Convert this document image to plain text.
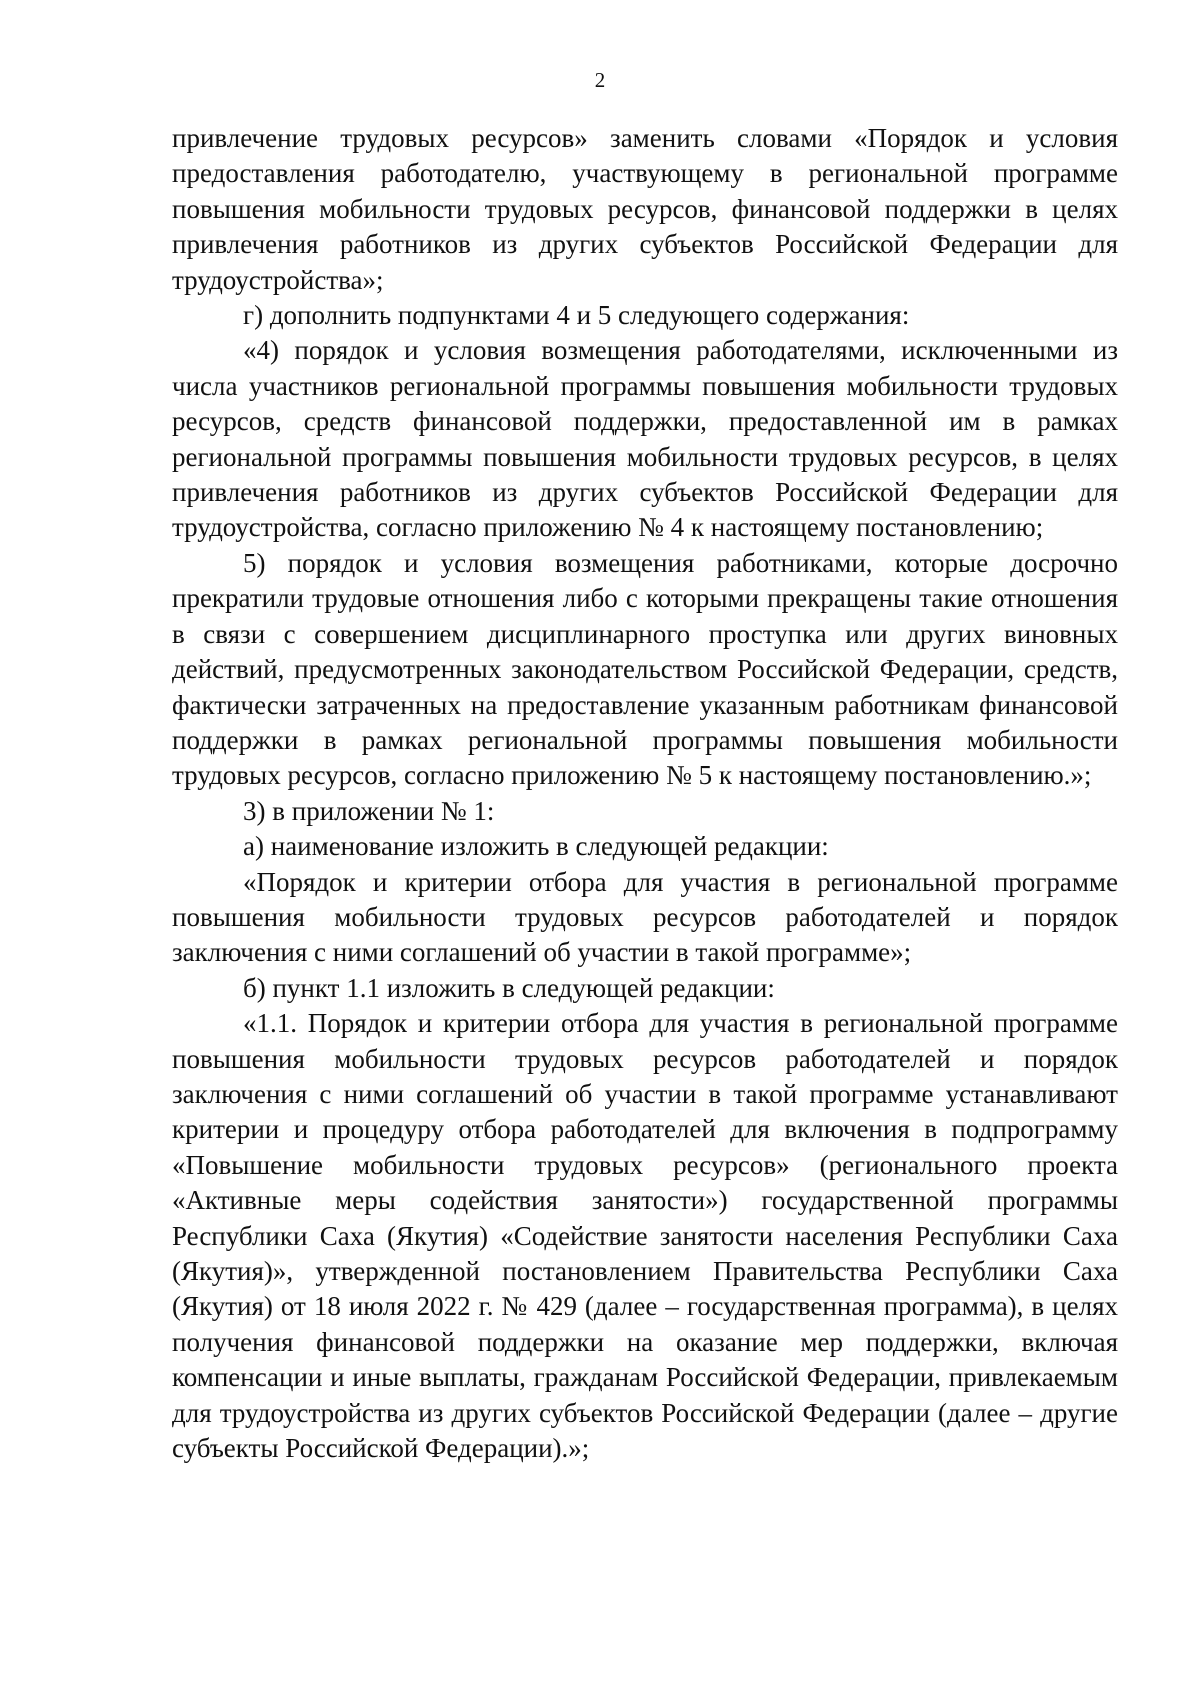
2

привлечение трудовых ресурсов» заменить словами «Порядок и условия предоставления работодателю, участвующему в региональной программе повышения мобильности трудовых ресурсов, финансовой поддержки в целях привлечения работников из других субъектов Российской Федерации для трудоустройства»;

г) дополнить подпунктами 4 и 5 следующего содержания:

«4) порядок и условия возмещения работодателями, исключенными из числа участников региональной программы повышения мобильности трудовых ресурсов, средств финансовой поддержки, предоставленной им в рамках региональной программы повышения мобильности трудовых ресурсов, в целях привлечения работников из других субъектов Российской Федерации для трудоустройства, согласно приложению № 4 к настоящему постановлению;

5) порядок и условия возмещения работниками, которые досрочно прекратили трудовые отношения либо с которыми прекращены такие отношения в связи с совершением дисциплинарного проступка или других виновных действий, предусмотренных законодательством Российской Федерации, средств, фактически затраченных на предоставление указанным работникам финансовой поддержки в рамках региональной программы повышения мобильности трудовых ресурсов, согласно приложению № 5 к настоящему постановлению.»;

3) в приложении № 1:

а) наименование изложить в следующей редакции:

«Порядок и критерии отбора для участия в региональной программе повышения мобильности трудовых ресурсов работодателей и порядок заключения с ними соглашений об участии в такой программе»;

б) пункт 1.1 изложить в следующей редакции:

«1.1. Порядок и критерии отбора для участия в региональной программе повышения мобильности трудовых ресурсов работодателей и порядок заключения с ними соглашений об участии в такой программе устанавливают критерии и процедуру отбора работодателей для включения в подпрограмму «Повышение мобильности трудовых ресурсов» (регионального проекта «Активные меры содействия занятости») государственной программы Республики Саха (Якутия) «Содействие занятости населения Республики Саха (Якутия)», утвержденной постановлением Правительства Республики Саха (Якутия) от 18 июля 2022 г. № 429 (далее – государственная программа), в целях получения финансовой поддержки на оказание мер поддержки, включая компенсации и иные выплаты, гражданам Российской Федерации, привлекаемым для трудоустройства из других субъектов Российской Федерации (далее – другие субъекты Российской Федерации).»;
